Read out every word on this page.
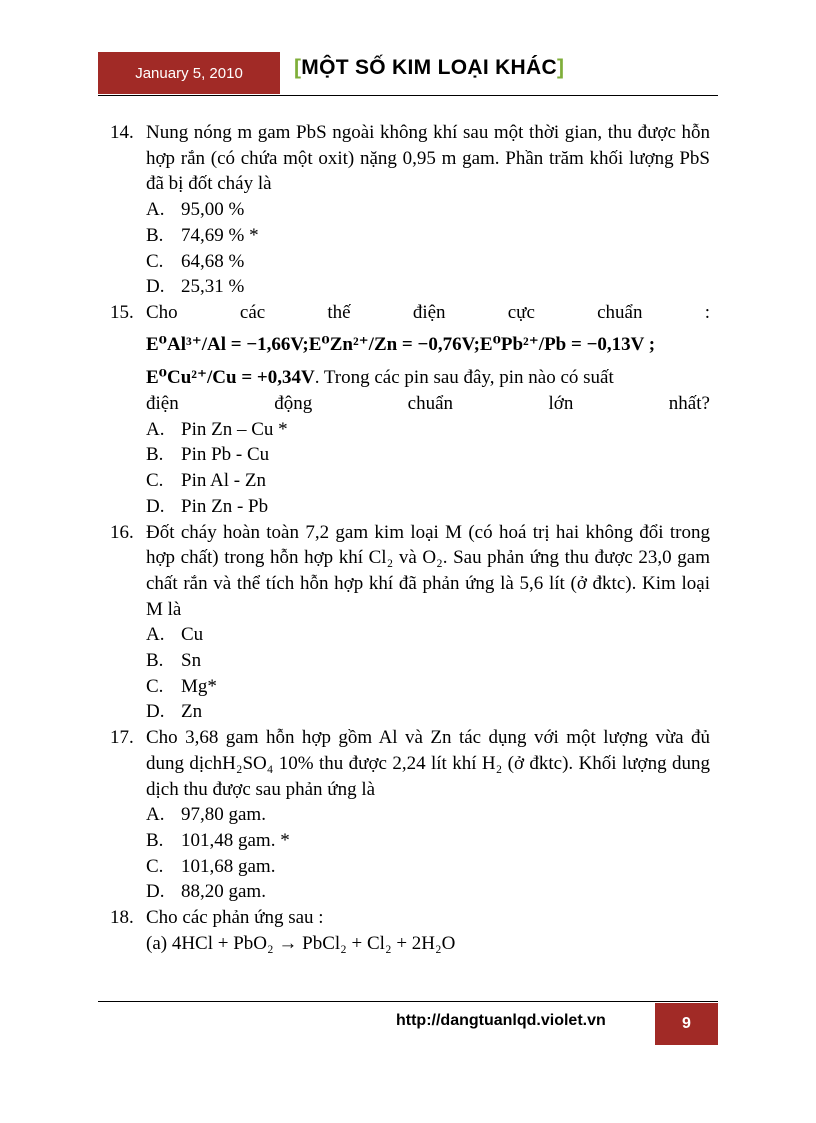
January 5, 2010	[MỘT SỐ KIM LOẠI KHÁC]
14. Nung nóng m gam PbS ngoài không khí sau một thời gian, thu được hỗn hợp rắn (có chứa một oxit) nặng 0,95 m gam. Phần trăm khối lượng PbS đã bị đốt cháy là
A. 95,00 %
B. 74,69 % *
C. 64,68 %
D. 25,31 %
15. Cho	các	thế	điện	cực	chuẩn	:
E⁰Al³⁺/Al = −1,66V;E⁰Zn²⁺/Zn = −0,76V;E⁰Pb²⁺/Pb = −0,13V ;
E⁰Cu²⁺/Cu = +0,34V. Trong các pin sau đây, pin nào có suất
điện	động	chuẩn	lớn	nhất?
A. Pin Zn – Cu *
B. Pin Pb - Cu
C. Pin Al - Zn
D. Pin Zn - Pb
16. Đốt cháy hoàn toàn 7,2 gam kim loại M (có hoá trị hai không đổi trong hợp chất) trong hỗn hợp khí Cl₂ và O₂. Sau phản ứng thu được 23,0 gam chất rắn và thể tích hỗn hợp khí đã phản ứng là 5,6 lít (ở đktc). Kim loại M là
A. Cu
B. Sn
C. Mg*
D. Zn
17. Cho 3,68 gam hỗn hợp gồm Al và Zn tác dụng với một lượng vừa đủ dung dịchH₂SO₄ 10% thu được 2,24 lít khí H₂ (ở đktc). Khối lượng dung dịch thu được sau phản ứng là
A. 97,80 gam.
B. 101,48 gam. *
C. 101,68 gam.
D. 88,20 gam.
18. Cho các phản ứng sau :
(a) 4HCl + PbO₂ → PbCl₂ + Cl₂ + 2H₂O
http://dangtuanlqd.violet.vn	9
